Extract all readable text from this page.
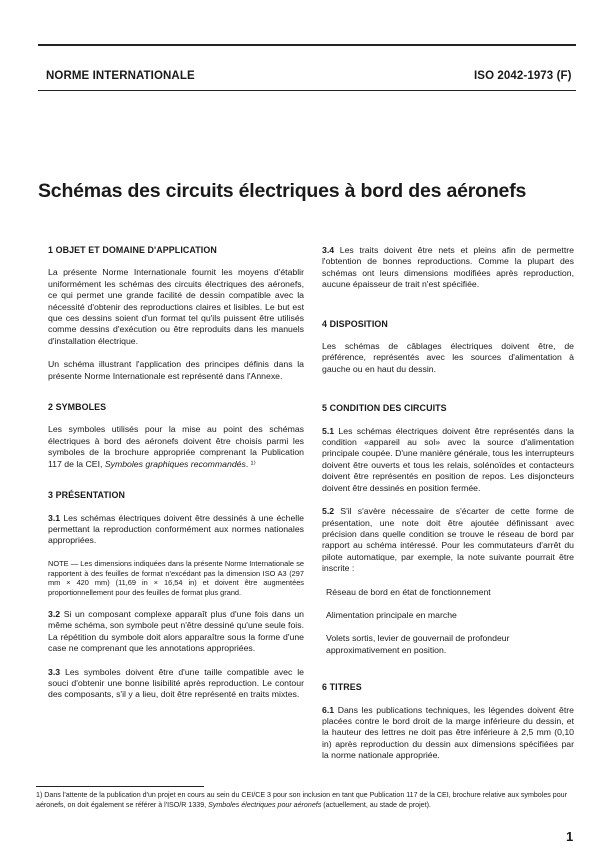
NORME INTERNATIONALE	ISO 2042-1973 (F)
Schémas des circuits électriques à bord des aéronefs
1 OBJET ET DOMAINE D'APPLICATION

La présente Norme Internationale fournit les moyens d'établir uniformément les schémas des circuits électriques des aéronefs, ce qui permet une grande facilité de dessin compatible avec la nécessité d'obtenir des reproductions claires et lisibles. Le but est que ces dessins soient d'un format tel qu'ils puissent être utilisés comme dessins d'exécution ou être reproduits dans les manuels d'installation électrique.

Un schéma illustrant l'application des principes définis dans la présente Norme Internationale est représenté dans l'Annexe.

2 SYMBOLES

Les symboles utilisés pour la mise au point des schémas électriques à bord des aéronefs doivent être choisis parmi les symboles de la brochure appropriée comprenant la Publication 117 de la CEI, Symboles graphiques recommandés. ¹⁾

3 PRÉSENTATION

3.1 Les schémas électriques doivent être dessinés à une échelle permettant la reproduction conformément aux normes nationales appropriées.

NOTE — Les dimensions indiquées dans la présente Norme Internationale se rapportent à des feuilles de format n'excédant pas la dimension ISO A3 (297 mm × 420 mm) (11,69 in × 16,54 in) et doivent être augmentées proportionnellement pour des feuilles de format plus grand.

3.2 Si un composant complexe apparaît plus d'une fois dans un même schéma, son symbole peut n'être dessiné qu'une seule fois. La répétition du symbole doit alors apparaître sous la forme d'une case ne comprenant que les annotations appropriées.

3.3 Les symboles doivent être d'une taille compatible avec le souci d'obtenir une bonne lisibilité après reproduction. Le contour des composants, s'il y a lieu, doit être représenté en traits mixtes.

3.4 Les traits doivent être nets et pleins afin de permettre l'obtention de bonnes reproductions. Comme la plupart des schémas ont leurs dimensions modifiées après reproduction, aucune épaisseur de trait n'est spécifiée.

4 DISPOSITION

Les schémas de câblages électriques doivent être, de préférence, représentés avec les sources d'alimentation à gauche ou en haut du dessin.

5 CONDITION DES CIRCUITS

5.1 Les schémas électriques doivent être représentés dans la condition «appareil au sol» avec la source d'alimentation principale coupée. D'une manière générale, tous les interrupteurs doivent être ouverts et tous les relais, solénoïdes et contacteurs doivent être représentés en position de repos. Les disjoncteurs doivent être dessinés en position fermée.

5.2 S'il s'avère nécessaire de s'écarter de cette forme de présentation, une note doit être ajoutée définissant avec précision dans quelle condition se trouve le réseau de bord par rapport au schéma intéressé. Pour les commutateurs d'arrêt du pilote automatique, par exemple, la note suivante pourrait être inscrite :

Réseau de bord en état de fonctionnement

Alimentation principale en marche

Volets sortis, levier de gouvernail de profondeur approximativement en position.

6 TITRES

6.1 Dans les publications techniques, les légendes doivent être placées contre le bord droit de la marge inférieure du dessin, et la hauteur des lettres ne doit pas être inférieure à 2,5 mm (0,10 in) après reproduction du dessin aux dimensions spécifiées par la norme nationale appropriée.

1) Dans l'attente de la publication d'un projet en cours au sein du CEI/CE 3 pour son inclusion en tant que Publication 117 de la CEI, brochure relative aux symboles pour aéronefs, on doit également se référer à l'ISO/R 1339, Symboles électriques pour aéronefs (actuellement, au stade de projet).
1
